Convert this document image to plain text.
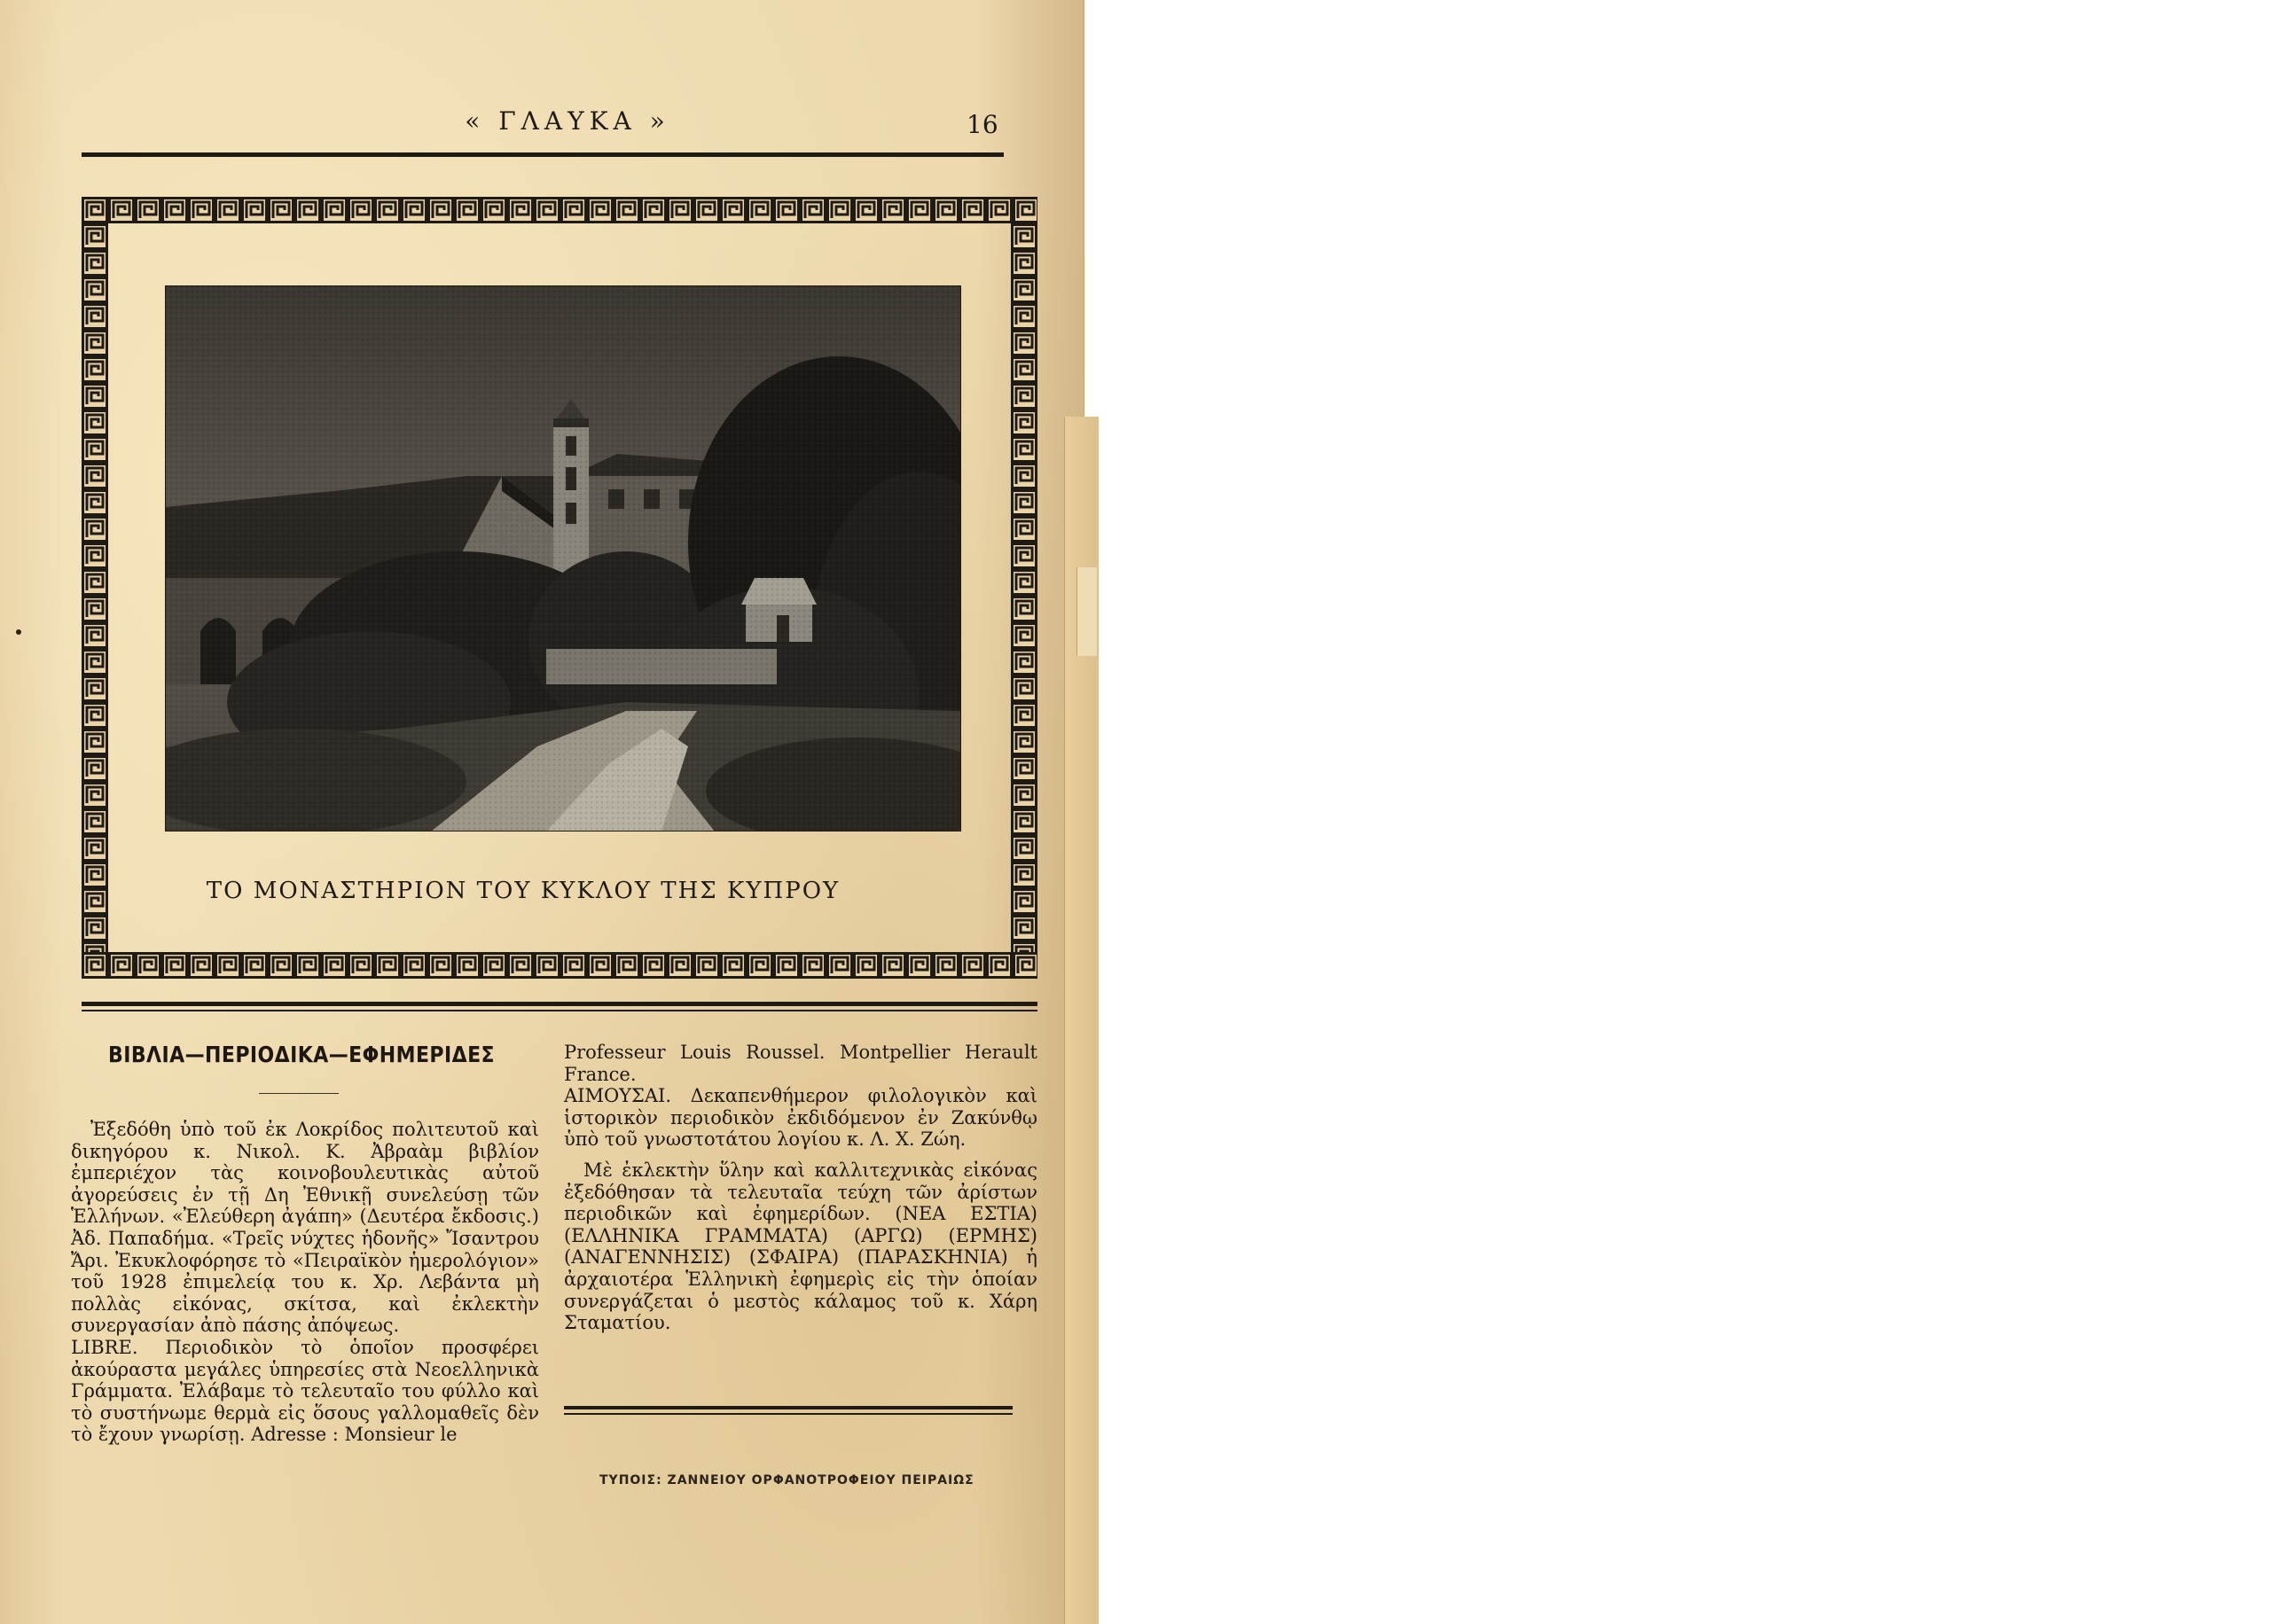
« ΓΛΑΥΚΑ »	16
ΤΟ ΜΟΝΑΣΤΗΡΙΟΝ ΤΟΥ ΚΥΚΛΟΥ ΤΗΣ ΚΥΠΡΟΥ
ΒΙΒΛΙΑ—ΠΕΡΙΟΔΙΚΑ—ΕΦΗΜΕΡΙΔΕΣ

Ἐξεδόθη ὑπὸ τοῦ ἐκ Λοκρίδος πολιτευτοῦ καὶ δικηγόρου κ. Νικολ. Κ. Ἀβραὰμ βιβλίον ἐμπεριέχον τὰς κοινοβουλευτικὰς αὐτοῦ ἀγορεύσεις ἐν τῇ Δη Ἐθνικῇ συνελεύσῃ τῶν Ἑλλήνων. «Ἐλεύθερη ἀγάπη» (Δευτέρα ἔκδοσις.) Ἀδ. Παπαδήμα. «Τρεῖς νύχτες ἡδονῆς» Ἴσαντρου Ἄρι. Ἐκυκλοφόρησε τὸ «Πειραϊκὸν ἡμερολόγιον» τοῦ 1928 ἐπιμελείᾳ του κ. Χρ. Λεβάντα μὴ πολλὰς εἰκόνας, σκίτσα, καὶ ἐκλεκτὴν συνεργασίαν ἀπὸ πάσης ἀπόψεως.

LIBRE. Περιοδικὸν τὸ ὁποῖον προσφέρει ἀκούραστα μεγάλες ὑπηρεσίες στὰ Νεοελληνικὰ Γράμματα. Ἐλάβαμε τὸ τελευταῖο του φύλλο καὶ τὸ συστήνωμε θερμὰ εἰς ὅσους γαλλομαθεῖς δὲν τὸ ἔχουν γνωρίσῃ. Adresse : Monsieur le

Professeur Louis Roussel. Montpellier Herault France.

ΑΙΜΟΥΣΑΙ. Δεκαπενθήμερον φιλολογικὸν καὶ ἱστορικὸν περιοδικὸν ἐκδιδόμενον ἐν Ζακύνθῳ ὑπὸ τοῦ γνωστοτάτου λογίου κ. Λ. Χ. Ζώη.

Μὲ ἐκλεκτὴν ὕλην καὶ καλλιτεχνικὰς εἰκόνας ἐξεδόθησαν τὰ τελευταῖα τεύχη τῶν ἀρίστων περιοδικῶν καὶ ἐφημερίδων. (ΝΕΑ ΕΣΤΙΑ) (ΕΛΛΗΝΙΚΑ ΓΡΑΜΜΑΤΑ) (ΑΡΓΩ) (ΕΡΜΗΣ) (ΑΝΑΓΕΝΝΗΣΙΣ) (ΣΦΑΙΡΑ) (ΠΑΡΑΣΚΗΝΙΑ) ἡ ἀρχαιοτέρα Ἑλληνικὴ ἐφημερὶς εἰς τὴν ὁποίαν συνεργάζεται ὁ μεστὸς κάλαμος τοῦ κ. Χάρη Σταματίου.

ΤΥΠΟΙΣ: ΖΑΝΝΕΙΟΥ ΟΡΦΑΝΟΤΡΟΦΕΙΟΥ ΠΕΙΡΑΙΩΣ
